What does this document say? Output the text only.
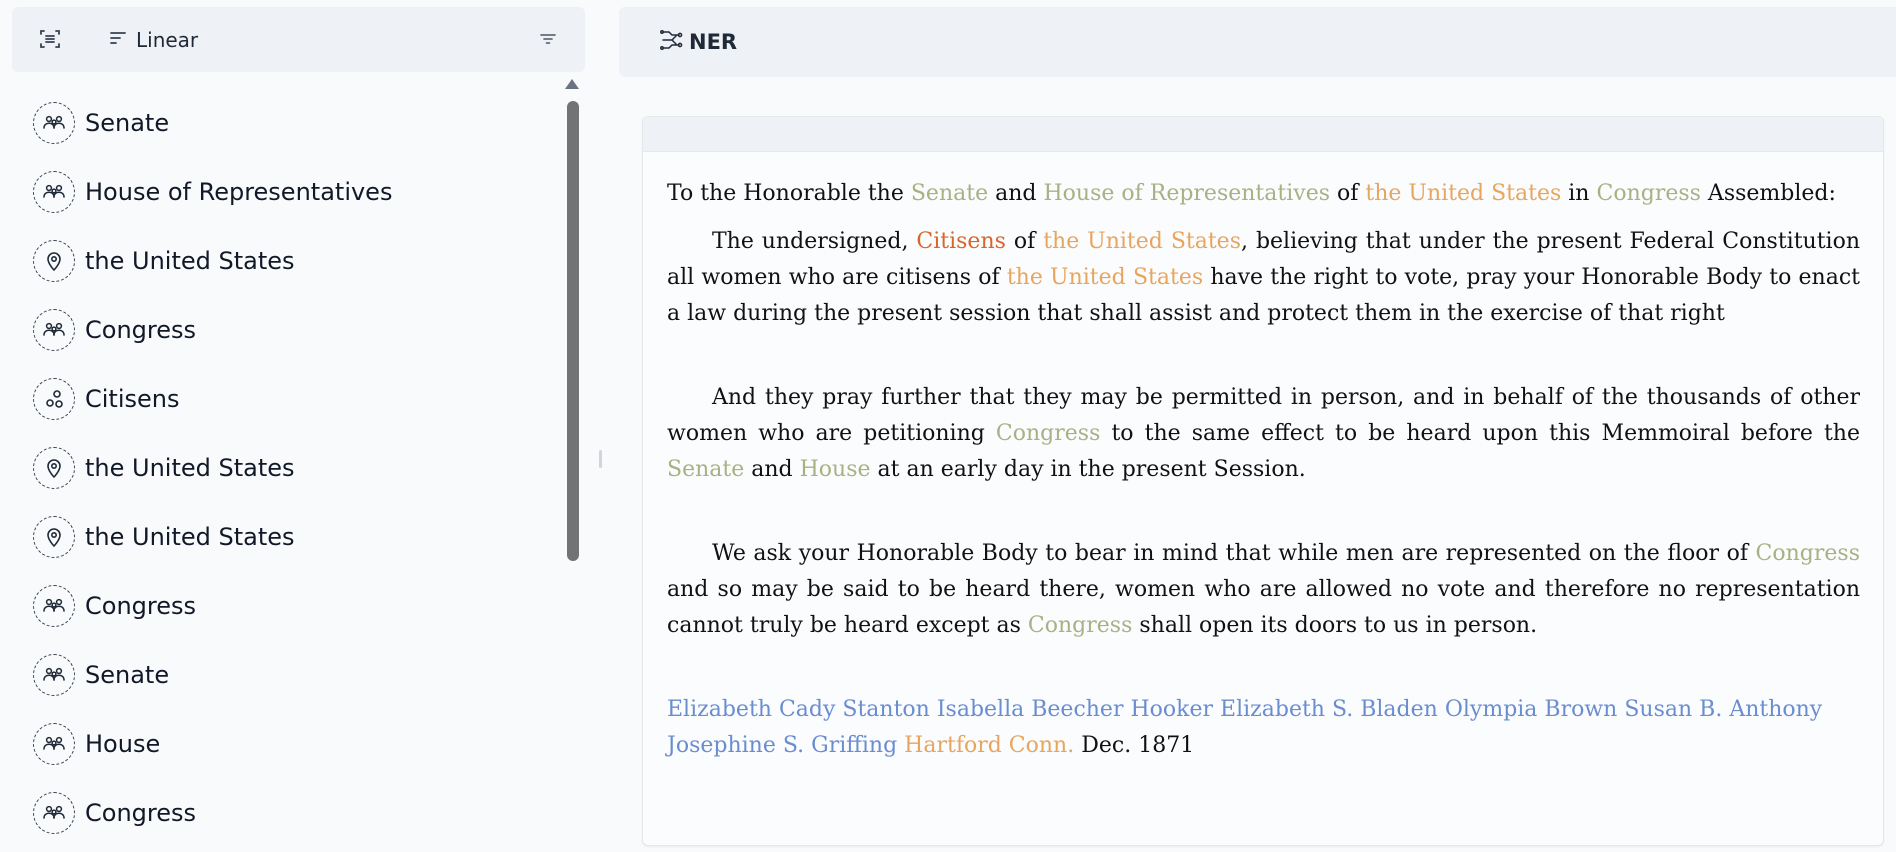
Linear
Senate
House of Representatives
the United States
Congress
Citisens
the United States
the United States
Congress
Senate
House
Congress
NER

To the Honorable the Senate and House of Representatives of the United States in Congress Assembled:

The undersigned, Citisens of the United States, believing that under the present Federal Constitution all women who are citisens of the United States have the right to vote, pray your Honorable Body to enact a law during the present session that shall assist and protect them in the exercise of that right

And they pray further that they may be permitted in person, and in behalf of the thousands of other women who are petitioning Congress to the same effect to be heard upon this Memmoiral before the Senate and House at an early day in the present Session.

We ask your Honorable Body to bear in mind that while men are represented on the floor of Congress and so may be said to be heard there, women who are allowed no vote and therefore no representation cannot truly be heard except as Congress shall open its doors to us in person.

Elizabeth Cady Stanton Isabella Beecher Hooker Elizabeth S. Bladen Olympia Brown Susan B. Anthony Josephine S. Griffing Hartford Conn. Dec. 1871
